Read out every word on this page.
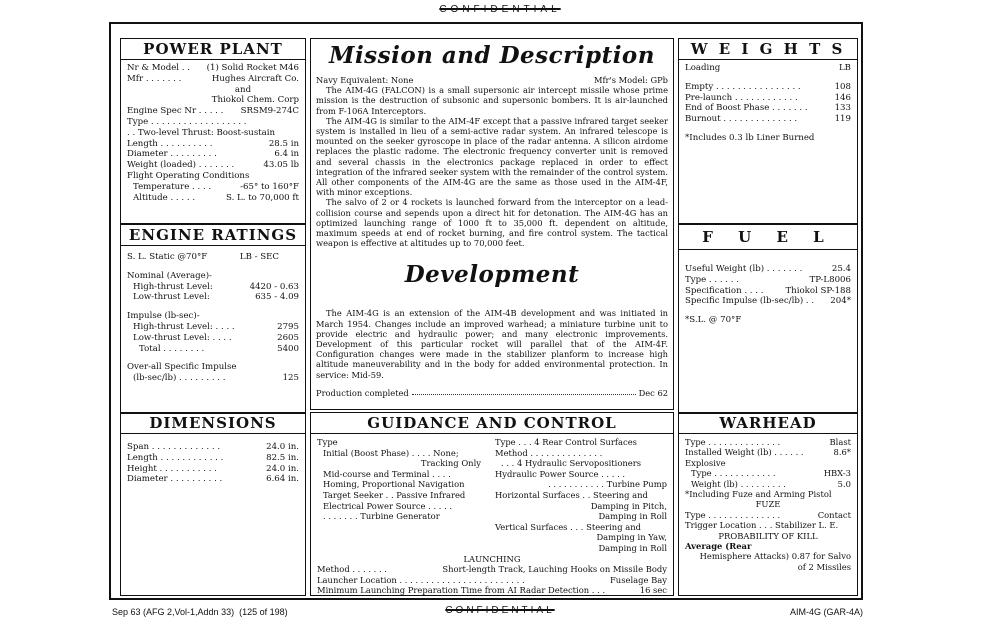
CONFIDENTIAL
POWER PLANT
Nr & Model . .	(1) Solid Rocket M46
Mfr . . . . . . .	Hughes Aircraft Co.
and
Thiokol Chem. Corp
Engine Spec Nr . . . . .	SRSM9-274C
Type . . . . . . . . . . . . . . . . . .
. . Two-level Thrust: Boost-sustain
Length . . . . . . . . . .	28.5 in
Diameter . . . . . . . . .	6.4 in
Weight (loaded) . . . . . . .	43.05 lb
Flight Operating Conditions
Temperature . . . .	-65° to 160°F
Altitude . . . . .	S. L. to 70,000 ft
ENGINE RATINGS
S. L. Static @70°F	LB - SEC
Nominal (Average)-
High-thrust Level:	4420 - 0.63
Low-thrust Level:	635 - 4.09
Impulse (lb-sec)-
High-thrust Level: . . . .	2795
Low-thrust Level: . . . .	2605
Total . . . . . . . .	5400
Over-all Specific Impulse
(lb-sec/lb) . . . . . . . . .	125
DIMENSIONS
Span . . . . . . . . . . . . .	24.0 in.
Length . . . . . . . . . . . .	82.5 in.
Height . . . . . . . . . . .	24.0 in.
Diameter . . . . . . . . . .	6.64 in.
Mission and Description
Navy Equivalent: None	Mfr's Model: GPb
The AIM-4G (FALCON) is a small supersonic air intercept missile whose prime mission is the destruction of subsonic and supersonic bombers. It is air-launched from F-106A Interceptors.
The AIM-4G is similar to the AIM-4F except that a passive infrared target seeker system is installed in lieu of a semi-active radar system. An infrared telescope is mounted on the seeker gyroscope in place of the radar antenna. A silicon airdome replaces the plastic radome. The electronic frequency converter unit is removed and several chassis in the electronics package replaced in order to effect integration of the infrared seeker system with the remainder of the control system. All other components of the AIM-4G are the same as those used in the AIM-4F, with minor exceptions.
The salvo of 2 or 4 rockets is launched forward from the interceptor on a lead-collision course and sepends upon a direct hit for detonation. The AIM-4G has an optimized launching range of 1000 ft to 35,000 ft. dependent on altitude, maximum speeds at end of rocket burning, and fire control system. The tactical weapon is effective at altitudes up to 70,000 feet.
Development
The AIM-4G is an extension of the AIM-4B development and was initiated in March 1954. Changes include an improved warhead; a miniature turbine unit to provide electric and hydraulic power; and many electronic improvements. Development of this particular rocket will parallel that of the AIM-4F. Configuration changes were made in the stabilizer planform to increase high altitude maneuverability and in the body for added environmental protection. In service: Mid-59.
Production completed	Dec 62
GUIDANCE AND CONTROL
Type
Initial (Boost Phase) . . . . None;
Tracking Only
Mid-course and Terminal . . . .
Homing, Proportional Navigation
Target Seeker . . Passive Infrared
Electrical Power Source . . . . .
. . . . . . . Turbine Generator
Type . . . 4 Rear Control Surfaces
Method . . . . . . . . . . . . . .
. . . 4 Hydraulic Servopositioners
Hydraulic Power Source . . . . .
. . . . . . . . . . . Turbine Pump
Horizontal Surfaces . . Steering and
Damping in Pitch,
Damping in Roll
Vertical Surfaces . . . Steering and
Damping in Yaw,
Damping in Roll
LAUNCHING
Method . . . . . . .	Short-length Track, Lauching Hooks on Missile Body
Launcher Location . . . . . . . . . . . . . . . . . . . . . . . .	Fuselage Bay
Minimum Launching Preparation Time from AI Radar Detection . . .	16 sec
W E I G H T S
Loading	LB
Empty . . . . . . . . . . . . . . . .	108
Pre-launch . . . . . . . . . . . .	146
End of Boost Phase . . . . . . .	133
Burnout . . . . . . . . . . . . . .	119
*Includes 0.3 lb Liner Burned
F U E L
Useful Weight (lb) . . . . . . .	25.4
Type . . . . . .	TP-L8006
Specification . . . .	Thiokol SP-188
Specific Impulse (lb-sec/lb) . .	204*
*S.L. @ 70°F
WARHEAD
Type . . . . . . . . . . . . . .	Blast
Installed Weight (lb) . . . . . .	8.6*
Explosive
Type . . . . . . . . . . . .	HBX-3
Weight (lb) . . . . . . . . .	5.0
*Including Fuze and Arming Pistol
FUZE
Type . . . . . . . . . . . . . .	Contact
Trigger Location . . . Stabilizer L. E.
PROBABILITY OF KILL
Average (Rear
Hemisphere Attacks) 0.87 for Salvo
of 2 Missiles
Sep 63 (AFG 2,Vol-1,Addn 33) (125 of 198)	CONFIDENTIAL	AIM-4G (GAR-4A)
